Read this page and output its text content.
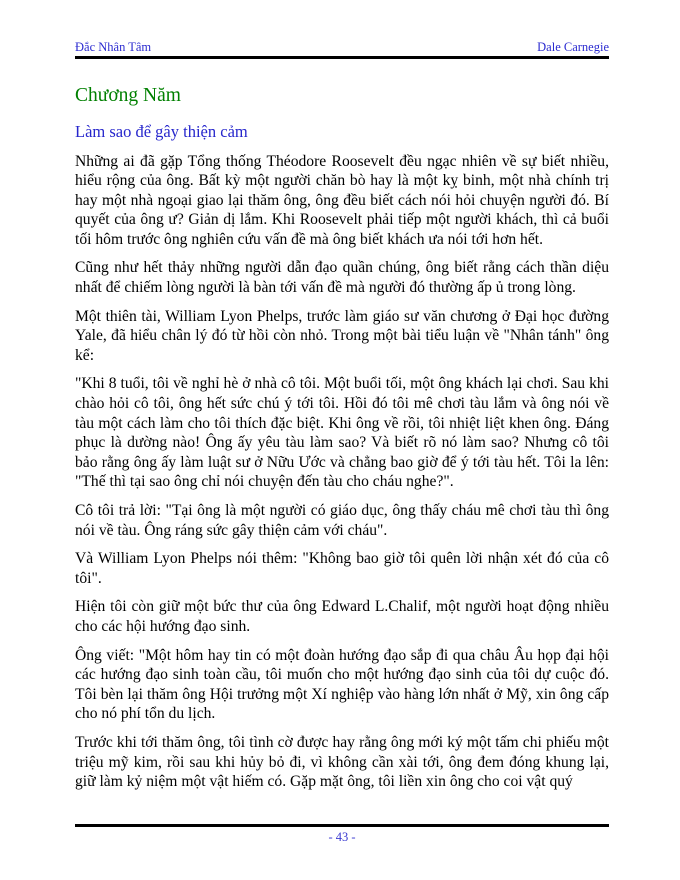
Đắc Nhân Tâm	Dale Carnegie
Chương Năm
Làm sao để gây thiện cảm

Những ai đã gặp Tổng thống Théodore Roosevelt đều ngạc nhiên về sự biết nhiều, hiểu rộng của ông. Bất kỳ một người chăn bò hay là một kỵ binh, một nhà chính trị hay một nhà ngoại giao lại thăm ông, ông đều biết cách nói hỏi chuyện người đó. Bí quyết của ông ư? Giản dị lắm. Khi Roosevelt phải tiếp một người khách, thì cả buổi tối hôm trước ông nghiên cứu vấn đề mà ông biết khách ưa nói tới hơn hết.

Cũng như hết thảy những người dẫn đạo quần chúng, ông biết rằng cách thần diệu nhất để chiếm lòng người là bàn tới vấn đề mà người đó thường ấp ủ trong lòng.

Một thiên tài, William Lyon Phelps, trước làm giáo sư văn chương ở Đại học đường Yale, đã hiểu chân lý đó từ hồi còn nhỏ. Trong một bài tiểu luận về "Nhân tánh" ông kể:

"Khi 8 tuổi, tôi về nghỉ hè ở nhà cô tôi. Một buổi tối, một ông khách lại chơi. Sau khi chào hỏi cô tôi, ông hết sức chú ý tới tôi. Hồi đó tôi mê chơi tàu lắm và ông nói về tàu một cách làm cho tôi thích đặc biệt. Khi ông về rồi, tôi nhiệt liệt khen ông. Đáng phục là dường nào! Ông ấy yêu tàu làm sao? Và biết rõ nó làm sao? Nhưng cô tôi bảo rằng ông ấy làm luật sư ở Nữu Ước và chẳng bao giờ để ý tới tàu hết. Tôi la lên: "Thế thì tại sao ông chỉ nói chuyện đến tàu cho cháu nghe?".

Cô tôi trả lời: "Tại ông là một người có giáo dục, ông thấy cháu mê chơi tàu thì ông nói về tàu. Ông ráng sức gây thiện cảm với cháu".

Và William Lyon Phelps nói thêm: "Không bao giờ tôi quên lời nhận xét đó của cô tôi".

Hiện tôi còn giữ một bức thư của ông Edward L.Chalif, một người hoạt động nhiều cho các hội hướng đạo sinh.

Ông viết: "Một hôm hay tin có một đoàn hướng đạo sắp đi qua châu Âu họp đại hội các hướng đạo sinh toàn cầu, tôi muốn cho một hướng đạo sinh của tôi dự cuộc đó. Tôi bèn lại thăm ông Hội trưởng một Xí nghiệp vào hàng lớn nhất ở Mỹ, xin ông cấp cho nó phí tổn du lịch.

Trước khi tới thăm ông, tôi tình cờ được hay rằng ông mới ký một tấm chi phiếu một triệu mỹ kim, rồi sau khi hủy bỏ đi, vì không cần xài tới, ông đem đóng khung lại, giữ làm kỷ niệm một vật hiếm có. Gặp mặt ông, tôi liền xin ông cho coi vật quý

- 43 -
